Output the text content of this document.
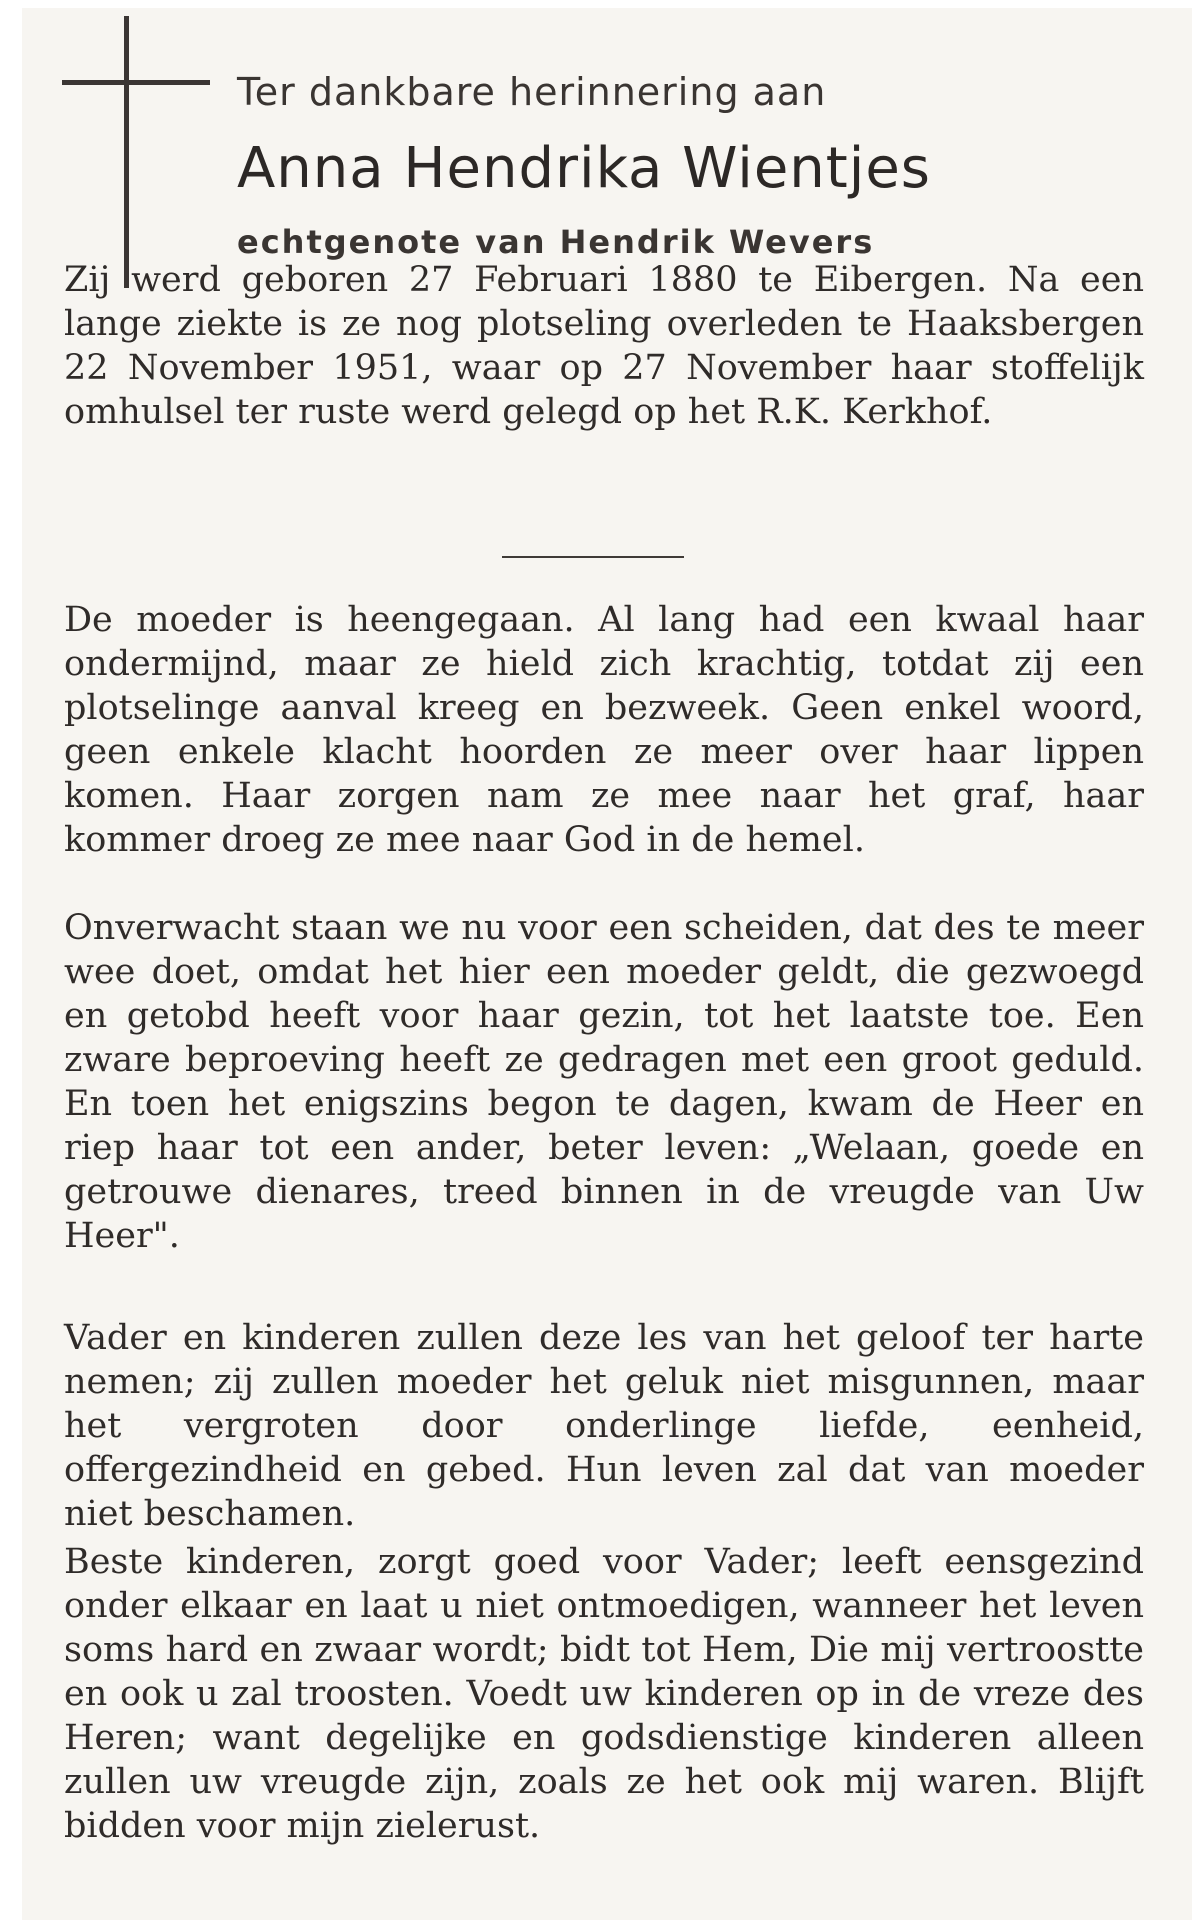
Ter dankbare herinnering aan

Anna Hendrika Wientjes

echtgenote van Hendrik Wevers

Zij werd geboren 27 Februari 1880 te Eibergen. Na een lange ziekte is ze nog plotseling overleden te Haaksbergen 22 November 1951, waar op 27 November haar stoffelijk omhulsel ter ruste werd gelegd op het R.K. Kerkhof.

De moeder is heengegaan. Al lang had een kwaal haar ondermijnd, maar ze hield zich krachtig, totdat zij een plotselinge aanval kreeg en bezweek. Geen enkel woord, geen enkele klacht hoorden ze meer over haar lippen komen. Haar zorgen nam ze mee naar het graf, haar kommer droeg ze mee naar God in de hemel.

Onverwacht staan we nu voor een scheiden, dat des te meer wee doet, omdat het hier een moeder geldt, die gezwoegd en getobd heeft voor haar gezin, tot het laatste toe. Een zware beproeving heeft ze gedragen met een groot geduld. En toen het enigszins begon te dagen, kwam de Heer en riep haar tot een ander, beter leven: „Welaan, goede en getrouwe dienares, treed binnen in de vreugde van Uw Heer".

Vader en kinderen zullen deze les van het geloof ter harte nemen; zij zullen moeder het geluk niet misgunnen, maar het vergroten door onderlinge liefde, eenheid, offergezindheid en gebed. Hun leven zal dat van moeder niet beschamen.

Beste kinderen, zorgt goed voor Vader; leeft eensgezind onder elkaar en laat u niet ontmoedigen, wanneer het leven soms hard en zwaar wordt; bidt tot Hem, Die mij vertroostte en ook u zal troosten. Voedt uw kinderen op in de vreze des Heren; want degelijke en godsdienstige kinderen alleen zullen uw vreugde zijn, zoals ze het ook mij waren. Blijft bidden voor mijn zielerust.
